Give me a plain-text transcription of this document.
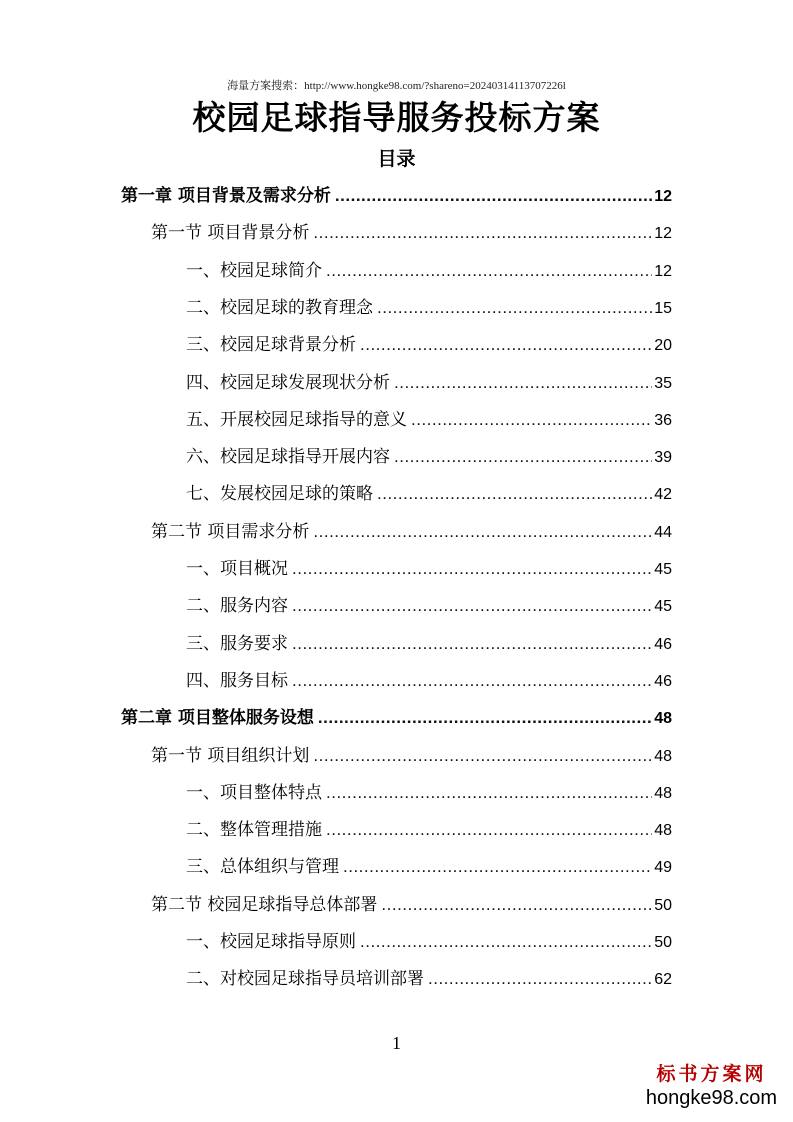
海量方案搜索：http://www.hongke98.com/?shareno=20240314113707226l
校园足球指导服务投标方案
目录
第一章 项目背景及需求分析 .....	12
第一节 项目背景分析 .....	12
一、校园足球简介 .....	12
二、校园足球的教育理念 .....	15
三、校园足球背景分析 .....	20
四、校园足球发展现状分析 .....	35
五、开展校园足球指导的意义 .....	36
六、校园足球指导开展内容 .....	39
七、发展校园足球的策略 .....	42
第二节 项目需求分析 .....	44
一、项目概况 .....	45
二、服务内容 .....	45
三、服务要求 .....	46
四、服务目标 .....	46
第二章 项目整体服务设想 .....	48
第一节 项目组织计划 .....	48
一、项目整体特点 .....	48
二、整体管理措施 .....	48
三、总体组织与管理 .....	49
第二节 校园足球指导总体部署 .....	50
一、校园足球指导原则 .....	50
二、对校园足球指导员培训部署 .....	62
1
标书方案网
hongke98.com
